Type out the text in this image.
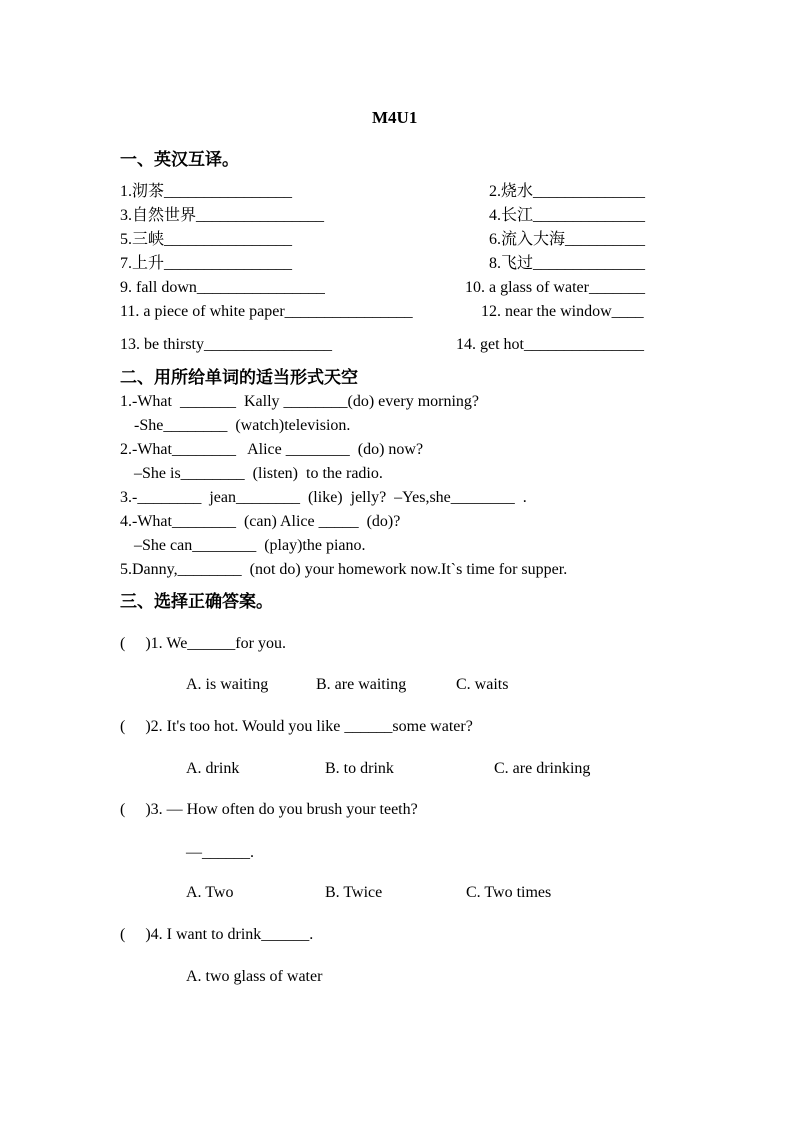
M4U1
一、英汉互译。
1.沏茶________________	2.烧水______________
3.自然世界________________	4.长江______________
5.三峡________________	6.流入大海__________
7.上升________________	8.飞过______________
9. fall down________________	10. a glass of water_______
11. a piece of white paper________________	12. near the window____
13. be thirsty________________	14. get hot_______________
二、用所给单词的适当形式天空
1.-What  _______  Kally ________(do) every morning?
-She________  (watch)television.
2.-What________   Alice ________  (do) now?
–She is________  (listen)  to the radio.
3.-________  jean________  (like)  jelly?  –Yes,she________  .
4.-What________  (can) Alice _____  (do)?
–She can________  (play)the piano.
5.Danny,________  (not do) your homework now.It`s time for supper.
三、选择正确答案。
(     )1. We______for you.
A. is waiting	B. are waiting	C. waits
(     )2. It's too hot. Would you like ______some water?
A. drink	B. to drink	C. are drinking
(     )3. — How often do you brush your teeth?
—______.
A. Two	B. Twice	C. Two times
(     )4. I want to drink______.
A. two glass of water
